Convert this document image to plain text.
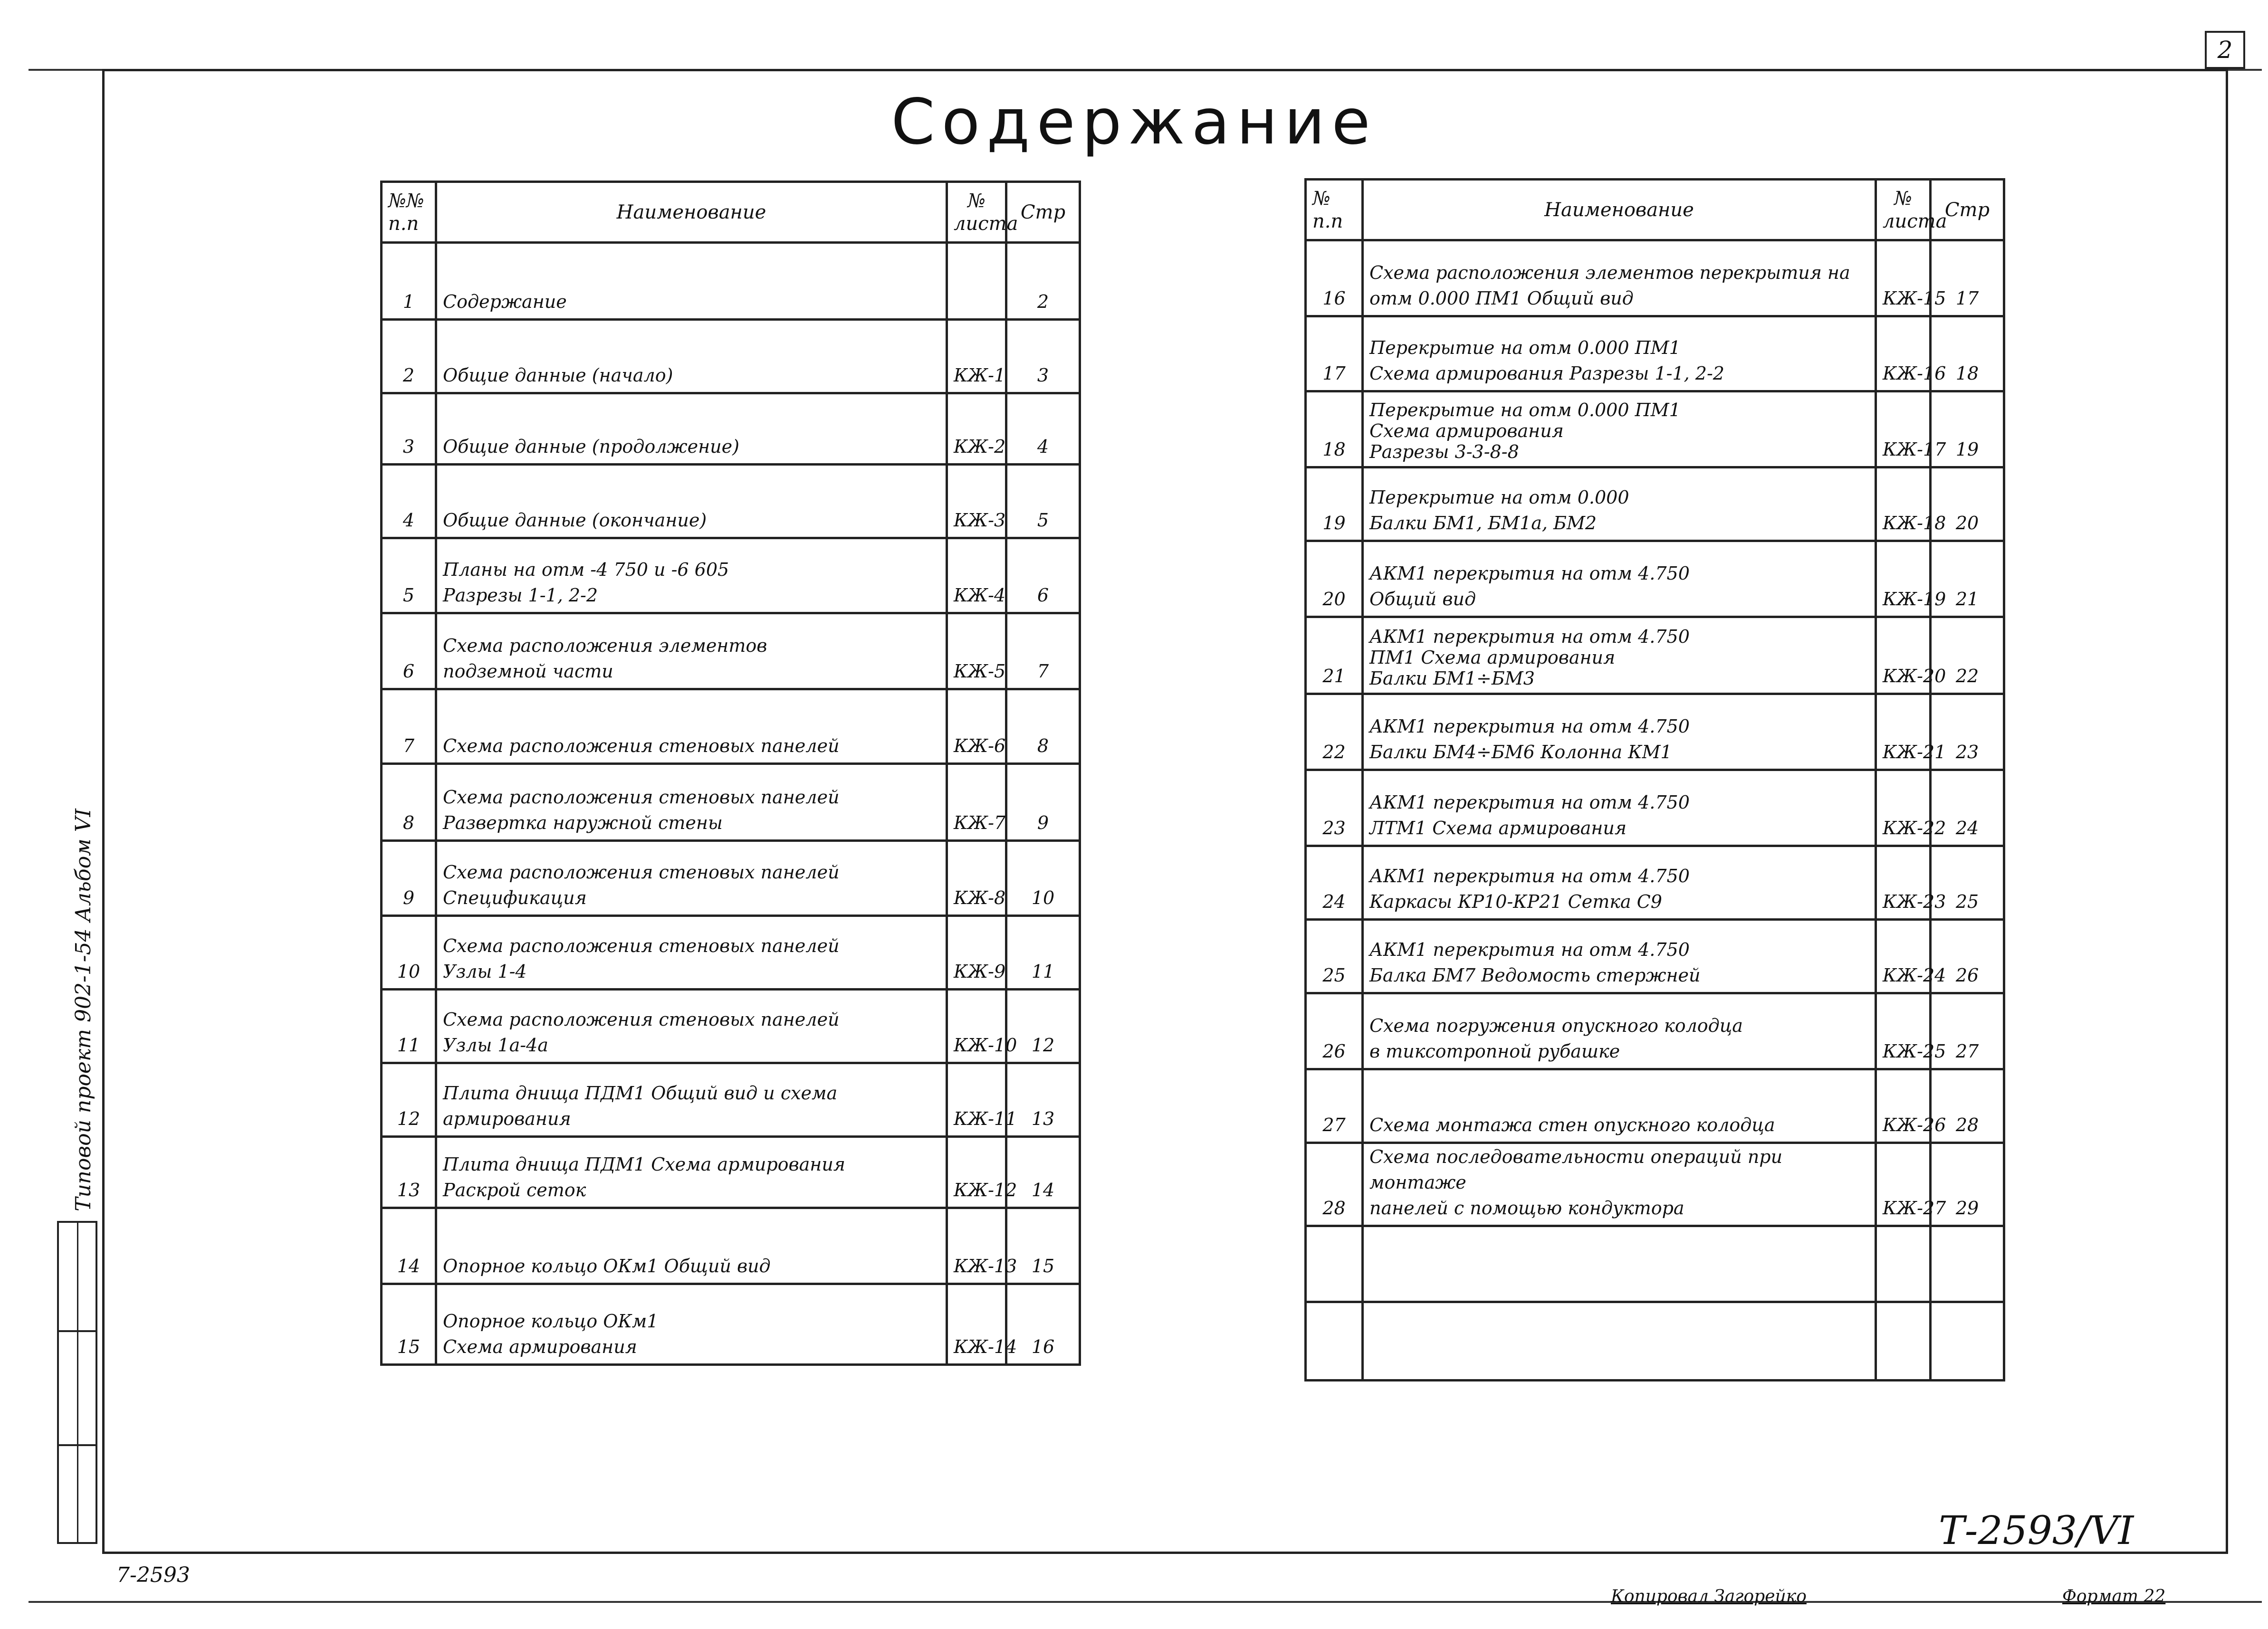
2
Содержание
№№ п.п	Наименование	№ листа	Стр
1	Содержание		2
2	Общие данные (начало)	КЖ-1	3
3	Общие данные (продолжение)	КЖ-2	4
4	Общие данные (окончание)	КЖ-3	5
5	Планы на отм -4 750 и -6 605
Разрезы 1-1, 2-2	КЖ-4	6
6	Схема расположения элементов
подземной части	КЖ-5	7
7	Схема расположения стеновых панелей	КЖ-6	8
8	Схема расположения стеновых панелей
Развертка наружной стены	КЖ-7	9
9	Схема расположения стеновых панелей
Спецификация	КЖ-8	10
10	Схема расположения стеновых панелей
Узлы 1-4	КЖ-9	11
11	Схема расположения стеновых панелей
Узлы 1а-4а	КЖ-10	12
12	Плита днища ПДМ1 Общий вид и схема
армирования	КЖ-11	13
13	Плита днища ПДМ1 Схема армирования
Раскрой сеток	КЖ-12	14
14	Опорное кольцо ОКм1 Общий вид	КЖ-13	15
15	Опорное кольцо ОКм1
Схема армирования	КЖ-14	16
№ п.п	Наименование	№ листа	Стр
16	Схема расположения элементов перекрытия на
отм 0.000 ПМ1 Общий вид	КЖ-15	17
17	Перекрытие на отм 0.000 ПМ1
Схема армирования Разрезы 1-1, 2-2	КЖ-16	18
18	Перекрытие на отм 0.000 ПМ1
Схема армирования
Разрезы 3-3-8-8	КЖ-17	19
19	Перекрытие на отм 0.000
Балки БМ1, БМ1а, БМ2	КЖ-18	20
20	АКМ1 перекрытия на отм 4.750
Общий вид	КЖ-19	21
21	АКМ1 перекрытия на отм 4.750
ПМ1 Схема армирования
Балки БМ1÷БМ3	КЖ-20	22
22	АКМ1 перекрытия на отм 4.750
Балки БМ4÷БМ6 Колонна КМ1	КЖ-21	23
23	АКМ1 перекрытия на отм 4.750
ЛТМ1 Схема армирования	КЖ-22	24
24	АКМ1 перекрытия на отм 4.750
Каркасы КР10-КР21 Сетка С9	КЖ-23	25
25	АКМ1 перекрытия на отм 4.750
Балка БМ7 Ведомость стержней	КЖ-24	26
26	Схема погружения опускного колодца
в тиксотропной рубашке	КЖ-25	27
27	Схема монтажа стен опускного колодца	КЖ-26	28
28	Схема последовательности операций при монтаже
панелей с помощью кондуктора	КЖ-27	29

Типовой проект 902-1-54 Альбом VI
7-2593
Т-2593/VI
Копировал Загорейко	Формат 22
